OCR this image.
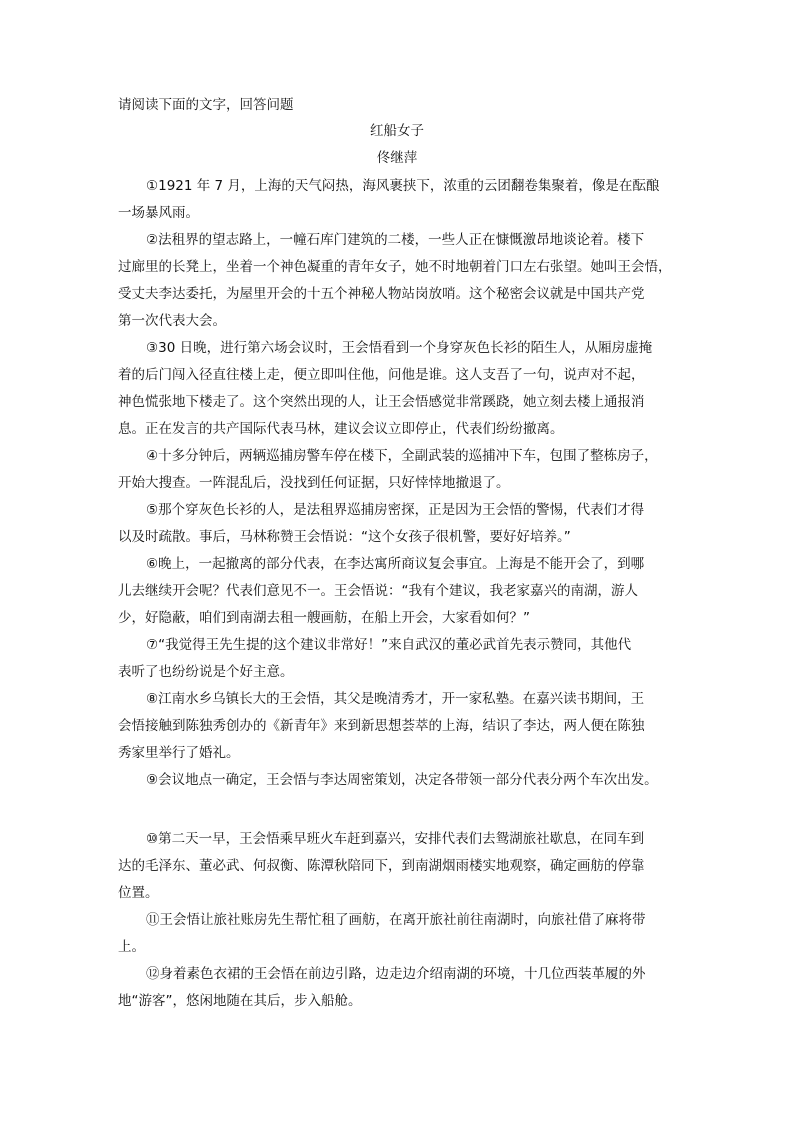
请阅读下面的文字，回答问题
红船女子
佟继萍
①1921 年 7 月，上海的天气闷热，海风裹挟下，浓重的云团翻卷集聚着，像是在酝酿
一场暴风雨。
②法租界的望志路上，一幢石库门建筑的二楼，一些人正在慷慨激昂地谈论着。楼下
过廊里的长凳上，坐着一个神色凝重的青年女子，她不时地朝着门口左右张望。她叫王会悟，
受丈夫李达委托，为屋里开会的十五个神秘人物站岗放哨。这个秘密会议就是中国共产党
第一次代表大会。
③30 日晚，进行第六场会议时，王会悟看到一个身穿灰色长衫的陌生人，从厢房虚掩
着的后门闯入径直往楼上走，便立即叫住他，问他是谁。这人支吾了一句，说声对不起，
神色慌张地下楼走了。这个突然出现的人，让王会悟感觉非常蹊跷，她立刻去楼上通报消
息。正在发言的共产国际代表马林，建议会议立即停止，代表们纷纷撤离。
④十多分钟后，两辆巡捕房警车停在楼下，全副武装的巡捕冲下车，包围了整栋房子，
开始大搜查。一阵混乱后，没找到任何证据，只好悻悻地撤退了。
⑤那个穿灰色长衫的人，是法租界巡捕房密探，正是因为王会悟的警惕，代表们才得
以及时疏散。事后，马林称赞王会悟说：“这个女孩子很机警，要好好培养。”
⑥晚上，一起撤离的部分代表，在李达寓所商议复会事宜。上海是不能开会了，到哪
儿去继续开会呢？代表们意见不一。王会悟说：“我有个建议，我老家嘉兴的南湖，游人
少，好隐蔽，咱们到南湖去租一艘画舫，在船上开会，大家看如何？”
⑦“我觉得王先生提的这个建议非常好！”来自武汉的董必武首先表示赞同，其他代
表听了也纷纷说是个好主意。
⑧江南水乡乌镇长大的王会悟，其父是晚清秀才，开一家私塾。在嘉兴读书期间，王
会悟接触到陈独秀创办的《新青年》来到新思想荟萃的上海，结识了李达，两人便在陈独
秀家里举行了婚礼。
⑨会议地点一确定，王会悟与李达周密策划，决定各带领一部分代表分两个车次出发。
⑩第二天一早，王会悟乘早班火车赶到嘉兴，安排代表们去鸳湖旅社歇息，在同车到
达的毛泽东、董必武、何叔衡、陈潭秋陪同下，到南湖烟雨楼实地观察，确定画舫的停靠
位置。
⑪王会悟让旅社账房先生帮忙租了画舫，在离开旅社前往南湖时，向旅社借了麻将带
上。
⑫身着素色衣裙的王会悟在前边引路，边走边介绍南湖的环境，十几位西装革履的外
地“游客”，悠闲地随在其后，步入船舱。
